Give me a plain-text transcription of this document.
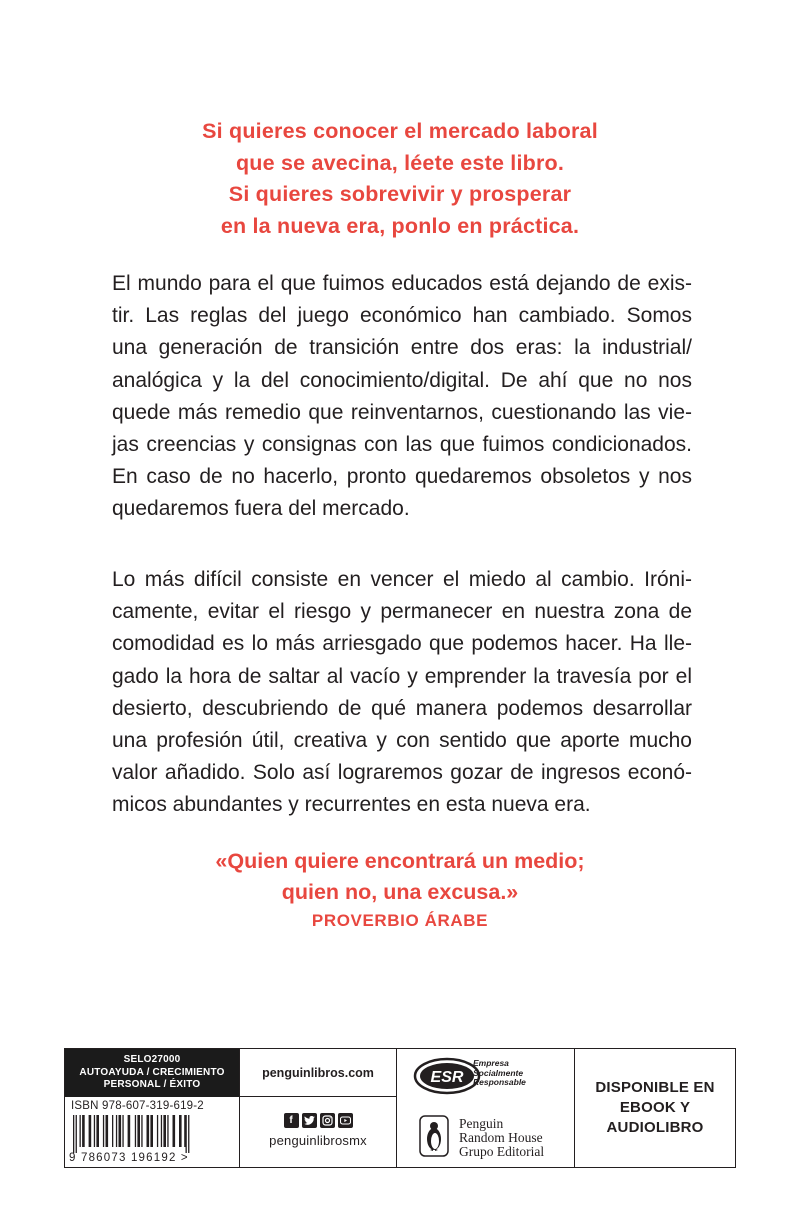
Si quieres conocer el mercado laboral
que se avecina, léete este libro.
Si quieres sobrevivir y prosperar
en la nueva era, ponlo en práctica.
El mundo para el que fuimos educados está dejando de exis-
tir. Las reglas del juego económico han cambiado. Somos
una generación de transición entre dos eras: la industrial/
analógica y la del conocimiento/digital. De ahí que no nos
quede más remedio que reinventarnos, cuestionando las vie-
jas creencias y consignas con las que fuimos condicionados.
En caso de no hacerlo, pronto quedaremos obsoletos y nos
quedaremos fuera del mercado.
Lo más difícil consiste en vencer el miedo al cambio. Iróni-
camente, evitar el riesgo y permanecer en nuestra zona de
comodidad es lo más arriesgado que podemos hacer. Ha lle-
gado la hora de saltar al vacío y emprender la travesía por el
desierto, descubriendo de qué manera podemos desarrollar
una profesión útil, creativa y con sentido que aporte mucho
valor añadido. Solo así lograremos gozar de ingresos econó-
micos abundantes y recurrentes en esta nueva era.
«Quien quiere encontrará un medio;
quien no, una excusa.»
PROVERBIO ÁRABE
SELO27000
AUTOAYUDA / CRECIMIENTO
PERSONAL / ÉXITO
ISBN 978-607-319-619-2
9 786073 196192 >
penguinlibros.com
f
penguinlibrosmx
ESR
Empresa
Socialmente
Responsable
Penguin
Random House
Grupo Editorial
DISPONIBLE EN
EBOOK Y AUDIOLIBRO
